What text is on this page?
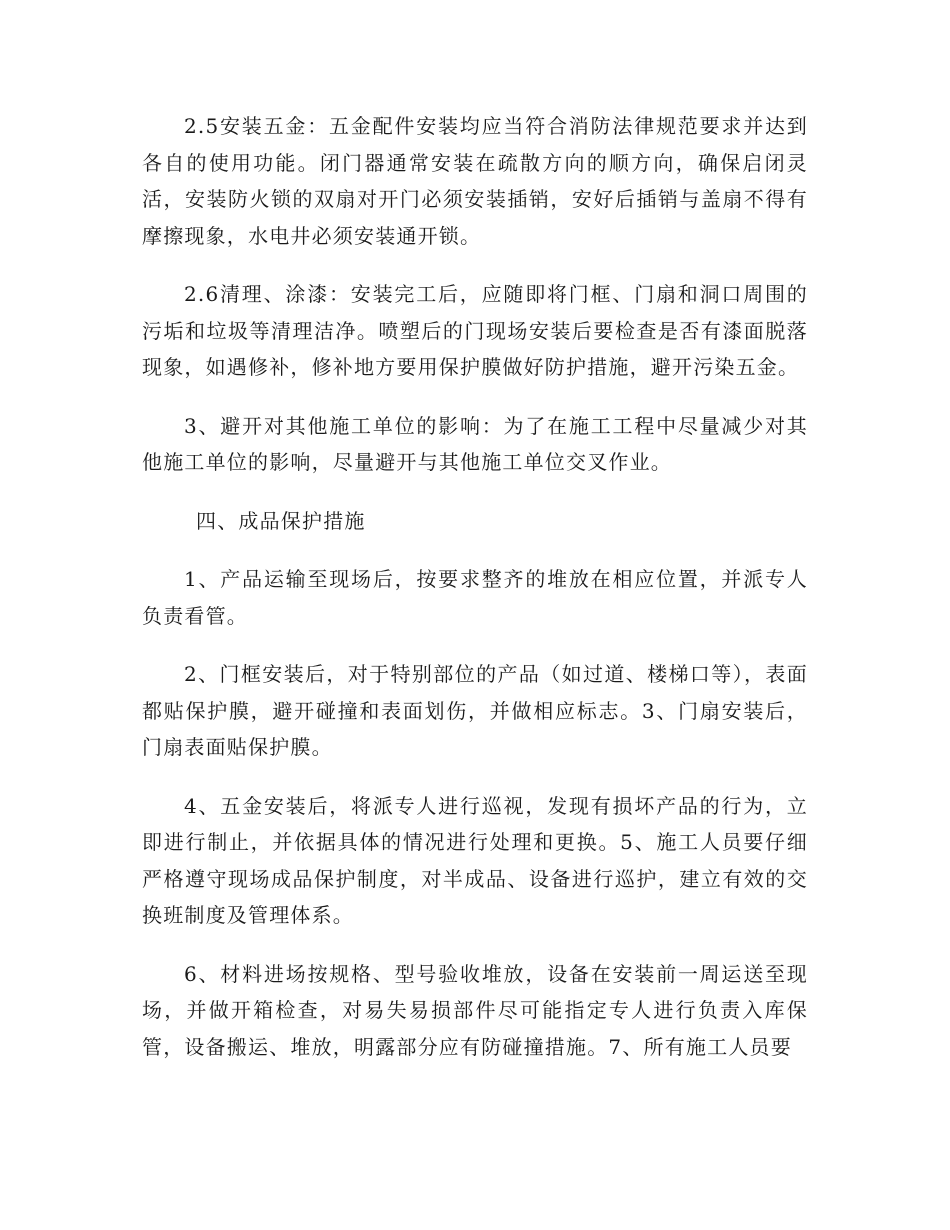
2.5安装五金：五金配件安装均应当符合消防法律规范要求并达到各自的使用功能。闭门器通常安装在疏散方向的顺方向，确保启闭灵活，安装防火锁的双扇对开门必须安装插销，安好后插销与盖扇不得有摩擦现象，水电井必须安装通开锁。

2.6清理、涂漆：安装完工后，应随即将门框、门扇和洞口周围的污垢和垃圾等清理洁净。喷塑后的门现场安装后要检查是否有漆面脱落现象，如遇修补，修补地方要用保护膜做好防护措施，避开污染五金。

3、避开对其他施工单位的影响：为了在施工工程中尽量减少对其他施工单位的影响，尽量避开与其他施工单位交叉作业。

四、成品保护措施

1、产品运输至现场后，按要求整齐的堆放在相应位置，并派专人负责看管。

2、门框安装后，对于特别部位的产品（如过道、楼梯口等），表面都贴保护膜，避开碰撞和表面划伤，并做相应标志。3、门扇安装后，门扇表面贴保护膜。

4、五金安装后，将派专人进行巡视，发现有损坏产品的行为，立即进行制止，并依据具体的情况进行处理和更换。5、施工人员要仔细严格遵守现场成品保护制度，对半成品、设备进行巡护，建立有效的交换班制度及管理体系。

6、材料进场按规格、型号验收堆放，设备在安装前一周运送至现场，并做开箱检查，对易失易损部件尽可能指定专人进行负责入库保管，设备搬运、堆放，明露部分应有防碰撞措施。7、所有施工人员要
